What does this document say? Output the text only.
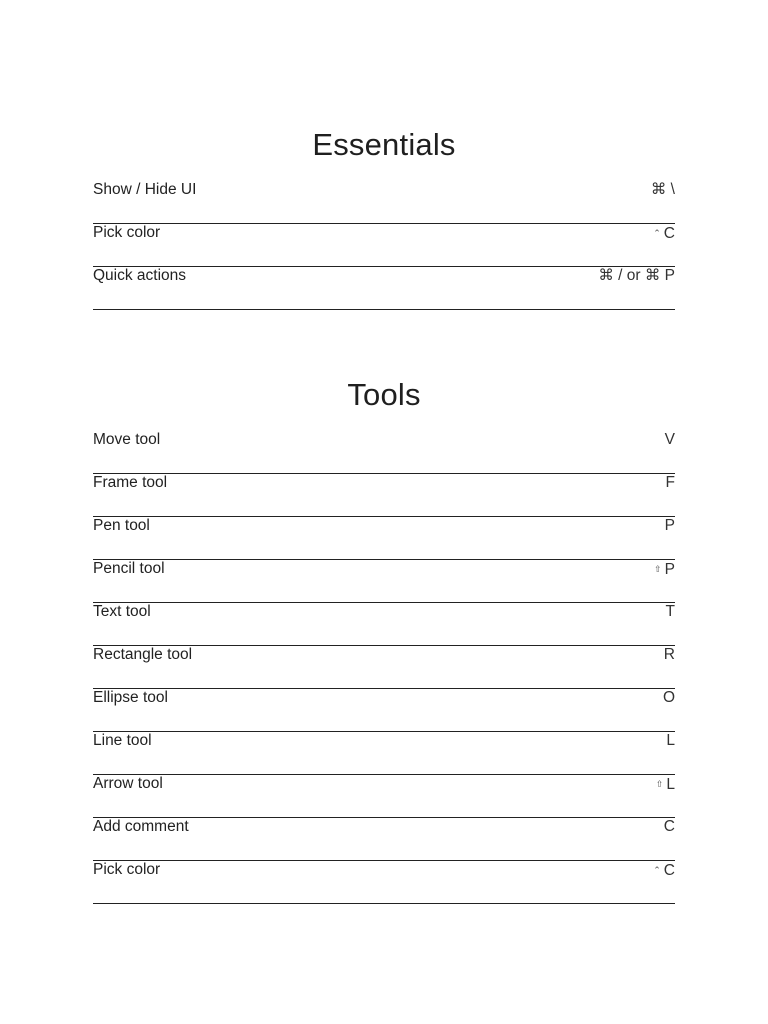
Essentials
Show / Hide UI	⌘ \
Pick color	⌃ C
Quick actions	⌘ / or ⌘ P
Tools
Move tool	V
Frame tool	F
Pen tool	P
Pencil tool	⇧ P
Text tool	T
Rectangle tool	R
Ellipse tool	O
Line tool	L
Arrow tool	⇧ L
Add comment	C
Pick color	⌃ C
